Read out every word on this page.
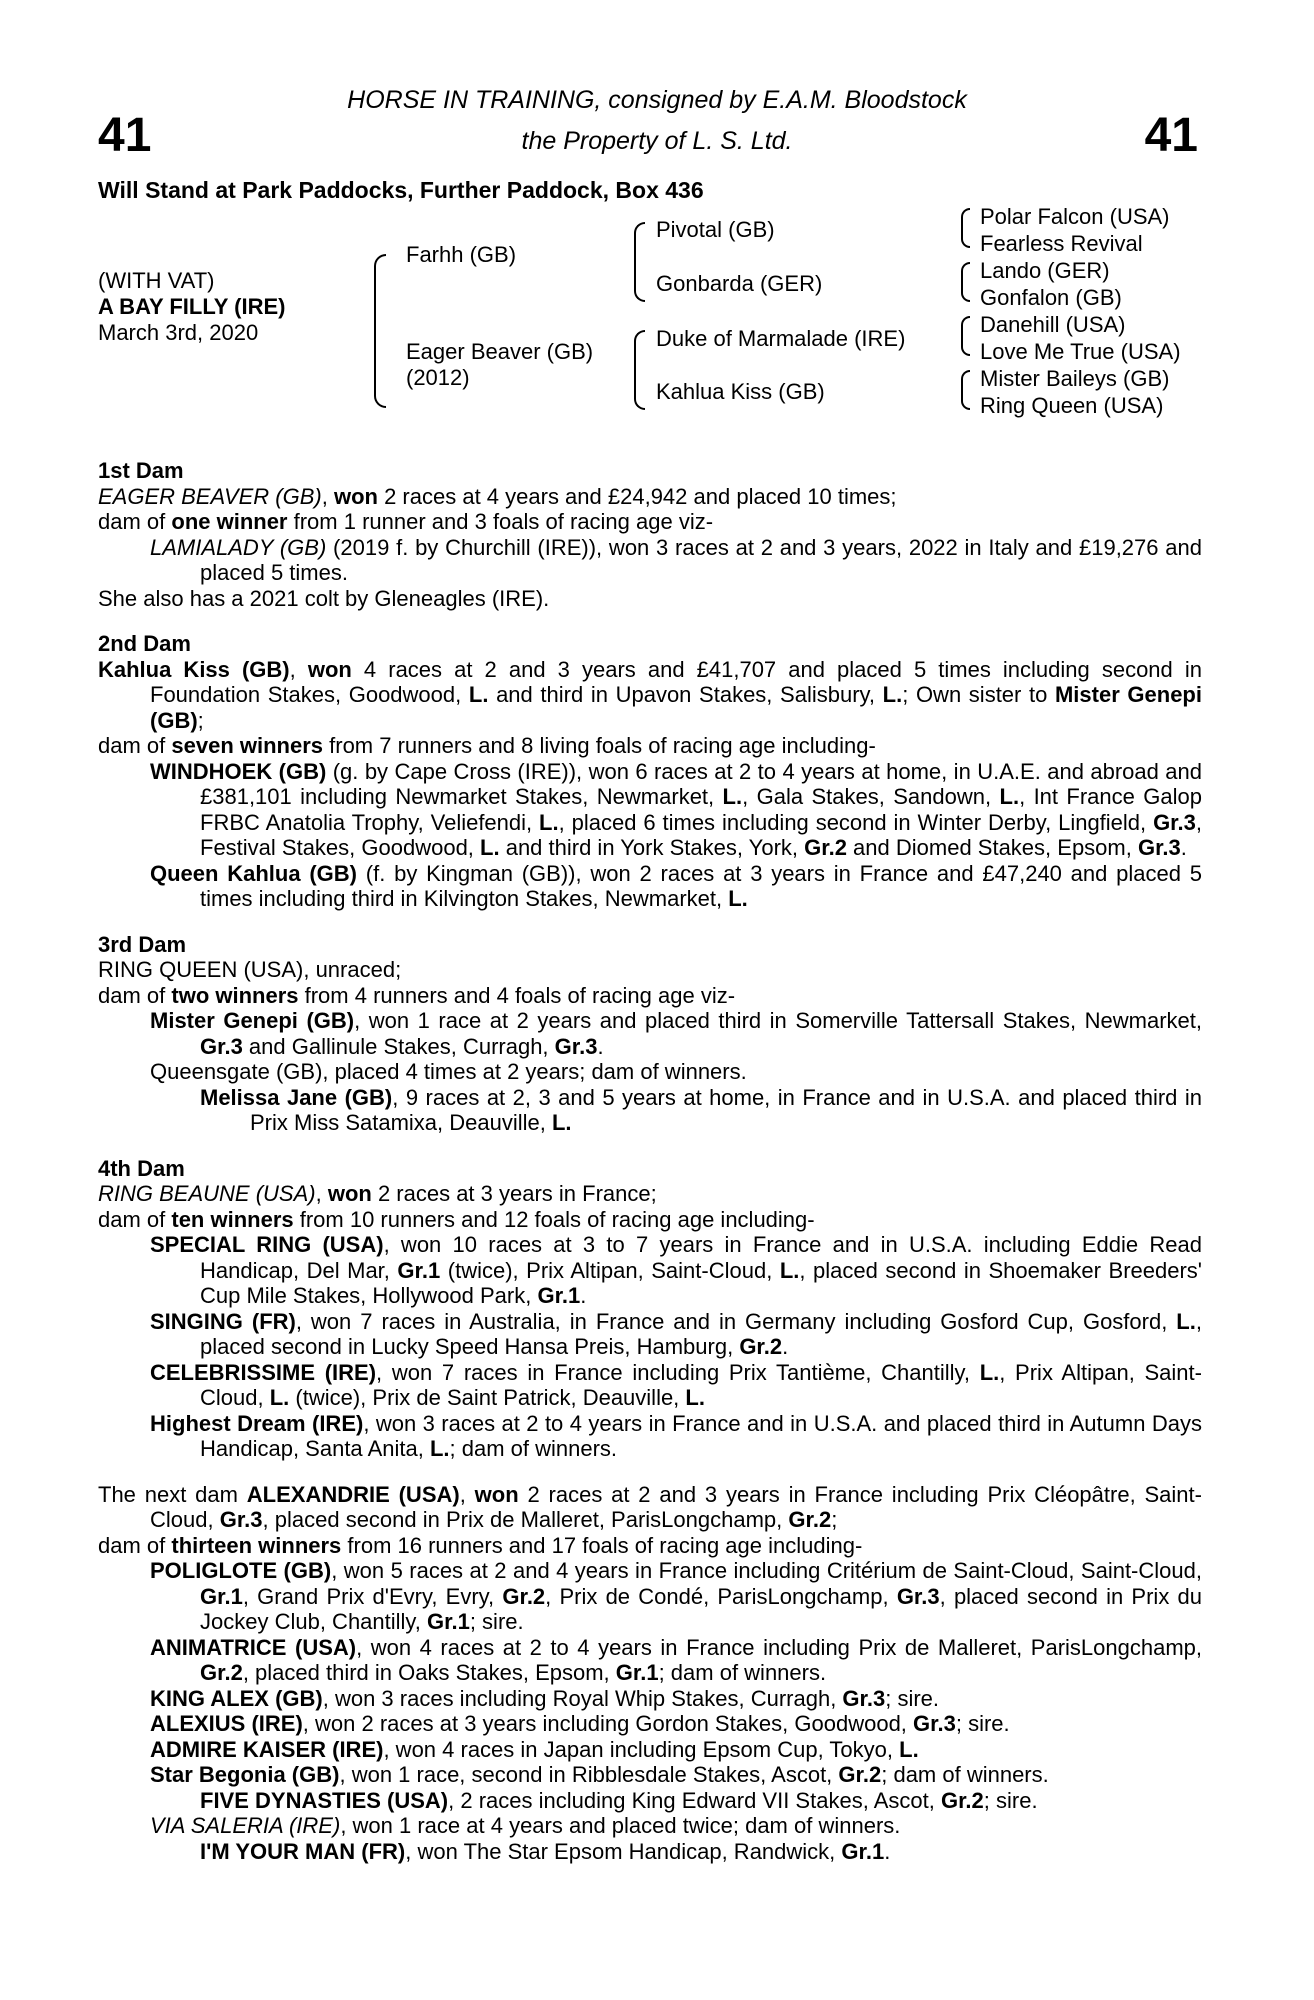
41	41
HORSE IN TRAINING, consigned by E.A.M. Bloodstock
the Property of L. S. Ltd.
Will Stand at Park Paddocks, Further Paddock, Box 436
(WITH VAT)
A BAY FILLY (IRE)
March 3rd, 2020
Farhh (GB)
Eager Beaver (GB)
(2012)
Pivotal (GB)
Gonbarda (GER)
Duke of Marmalade (IRE)
Kahlua Kiss (GB)
Polar Falcon (USA)
Fearless Revival
Lando (GER)
Gonfalon (GB)
Danehill (USA)
Love Me True (USA)
Mister Baileys (GB)
Ring Queen (USA)
1st Dam
EAGER BEAVER (GB), won 2 races at 4 years and £24,942 and placed 10 times;
dam of one winner from 1 runner and 3 foals of racing age viz-
LAMIALADY (GB) (2019 f. by Churchill (IRE)), won 3 races at 2 and 3 years, 2022 in Italy and £19,276 and placed 5 times.
She also has a 2021 colt by Gleneagles (IRE).
2nd Dam
Kahlua Kiss (GB), won 4 races at 2 and 3 years and £41,707 and placed 5 times including second in Foundation Stakes, Goodwood, L. and third in Upavon Stakes, Salisbury, L.; Own sister to Mister Genepi (GB);
dam of seven winners from 7 runners and 8 living foals of racing age including-
WINDHOEK (GB) (g. by Cape Cross (IRE)), won 6 races at 2 to 4 years at home, in U.A.E. and abroad and £381,101 including Newmarket Stakes, Newmarket, L., Gala Stakes, Sandown, L., Int France Galop FRBC Anatolia Trophy, Veliefendi, L., placed 6 times including second in Winter Derby, Lingfield, Gr.3, Festival Stakes, Goodwood, L. and third in York Stakes, York, Gr.2 and Diomed Stakes, Epsom, Gr.3.
Queen Kahlua (GB) (f. by Kingman (GB)), won 2 races at 3 years in France and £47,240 and placed 5 times including third in Kilvington Stakes, Newmarket, L.
3rd Dam
RING QUEEN (USA), unraced;
dam of two winners from 4 runners and 4 foals of racing age viz-
Mister Genepi (GB), won 1 race at 2 years and placed third in Somerville Tattersall Stakes, Newmarket, Gr.3 and Gallinule Stakes, Curragh, Gr.3.
Queensgate (GB), placed 4 times at 2 years; dam of winners.
Melissa Jane (GB), 9 races at 2, 3 and 5 years at home, in France and in U.S.A. and placed third in Prix Miss Satamixa, Deauville, L.
4th Dam
RING BEAUNE (USA), won 2 races at 3 years in France;
dam of ten winners from 10 runners and 12 foals of racing age including-
SPECIAL RING (USA), won 10 races at 3 to 7 years in France and in U.S.A. including Eddie Read Handicap, Del Mar, Gr.1 (twice), Prix Altipan, Saint-Cloud, L., placed second in Shoemaker Breeders' Cup Mile Stakes, Hollywood Park, Gr.1.
SINGING (FR), won 7 races in Australia, in France and in Germany including Gosford Cup, Gosford, L., placed second in Lucky Speed Hansa Preis, Hamburg, Gr.2.
CELEBRISSIME (IRE), won 7 races in France including Prix Tantième, Chantilly, L., Prix Altipan, Saint-Cloud, L. (twice), Prix de Saint Patrick, Deauville, L.
Highest Dream (IRE), won 3 races at 2 to 4 years in France and in U.S.A. and placed third in Autumn Days Handicap, Santa Anita, L.; dam of winners.
The next dam ALEXANDRIE (USA), won 2 races at 2 and 3 years in France including Prix Cléopâtre, Saint-Cloud, Gr.3, placed second in Prix de Malleret, ParisLongchamp, Gr.2;
dam of thirteen winners from 16 runners and 17 foals of racing age including-
POLIGLOTE (GB), won 5 races at 2 and 4 years in France including Critérium de Saint-Cloud, Saint-Cloud, Gr.1, Grand Prix d'Evry, Evry, Gr.2, Prix de Condé, ParisLongchamp, Gr.3, placed second in Prix du Jockey Club, Chantilly, Gr.1; sire.
ANIMATRICE (USA), won 4 races at 2 to 4 years in France including Prix de Malleret, ParisLongchamp, Gr.2, placed third in Oaks Stakes, Epsom, Gr.1; dam of winners.
KING ALEX (GB), won 3 races including Royal Whip Stakes, Curragh, Gr.3; sire.
ALEXIUS (IRE), won 2 races at 3 years including Gordon Stakes, Goodwood, Gr.3; sire.
ADMIRE KAISER (IRE), won 4 races in Japan including Epsom Cup, Tokyo, L.
Star Begonia (GB), won 1 race, second in Ribblesdale Stakes, Ascot, Gr.2; dam of winners.
FIVE DYNASTIES (USA), 2 races including King Edward VII Stakes, Ascot, Gr.2; sire.
VIA SALERIA (IRE), won 1 race at 4 years and placed twice; dam of winners.
I'M YOUR MAN (FR), won The Star Epsom Handicap, Randwick, Gr.1.
